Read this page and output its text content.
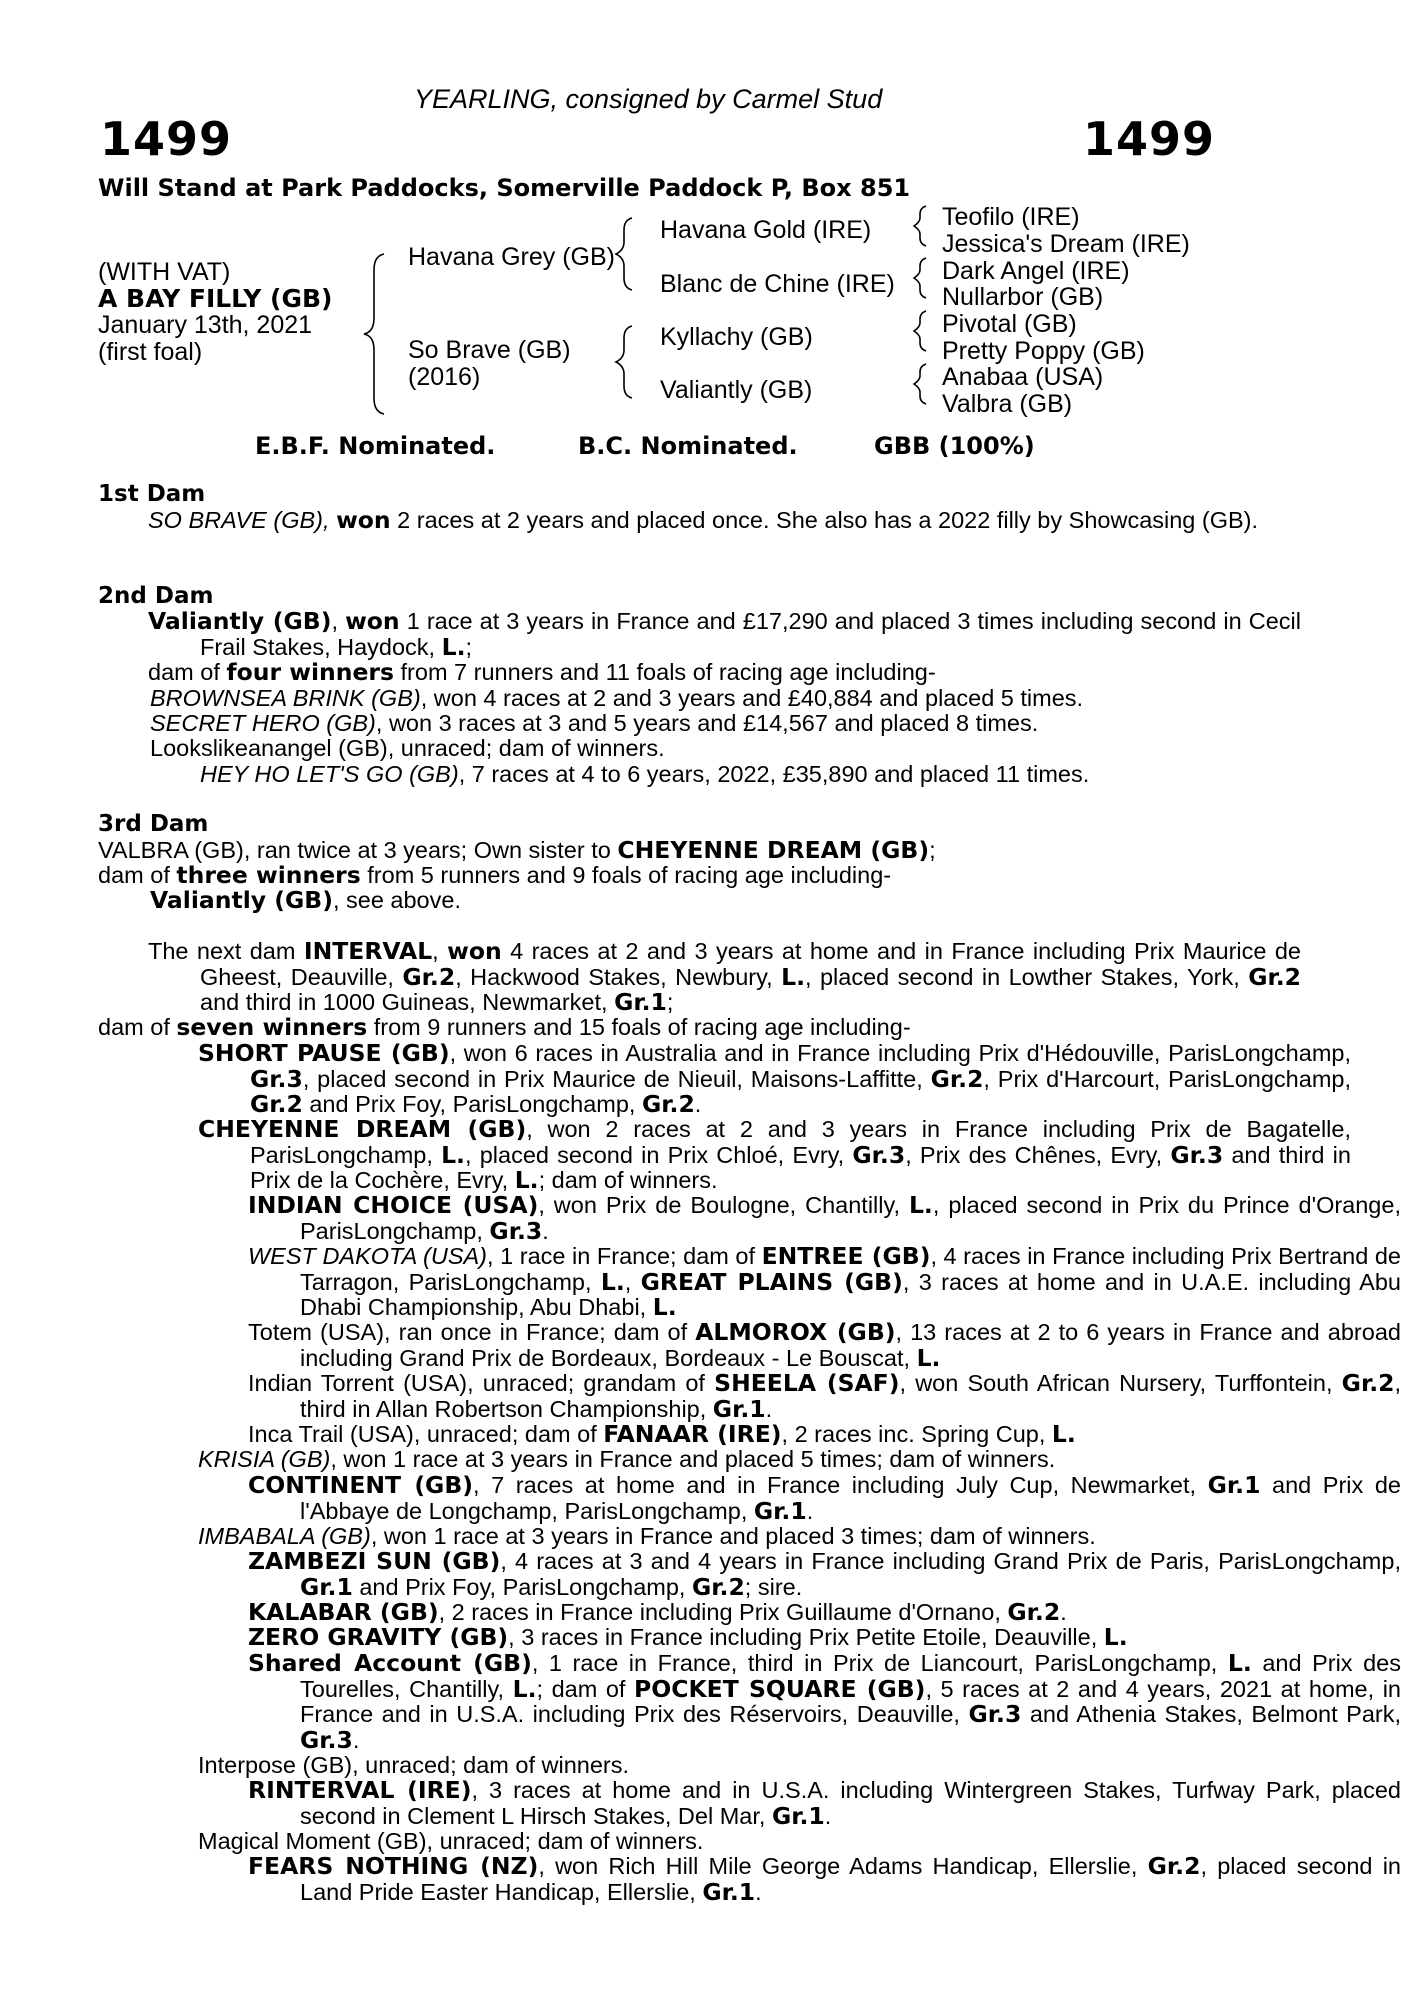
YEARLING, consigned by Carmel Stud
1499	1499
Will Stand at Park Paddocks, Somerville Paddock P, Box 851
(WITH VAT)
A BAY FILLY (GB)
January 13th, 2021
(first foal)
Havana Grey (GB)
So Brave (GB)
(2016)
Havana Gold (IRE)
Blanc de Chine (IRE)
Kyllachy (GB)
Valiantly (GB)
Teofilo (IRE)
Jessica's Dream (IRE)
Dark Angel (IRE)
Nullarbor (GB)
Pivotal (GB)
Pretty Poppy (GB)
Anabaa (USA)
Valbra (GB)
E.B.F. Nominated.	B.C. Nominated.	GBB (100%)
1st Dam
SO BRAVE (GB), won 2 races at 2 years and placed once. She also has a 2022 filly by Showcasing (GB).
2nd Dam
Valiantly (GB), won 1 race at 3 years in France and £17,290 and placed 3 times including second in Cecil Frail Stakes, Haydock, L.;
dam of four winners from 7 runners and 11 foals of racing age including-
BROWNSEA BRINK (GB), won 4 races at 2 and 3 years and £40,884 and placed 5 times.
SECRET HERO (GB), won 3 races at 3 and 5 years and £14,567 and placed 8 times.
Lookslikeanangel (GB), unraced; dam of winners.
HEY HO LET'S GO (GB), 7 races at 4 to 6 years, 2022, £35,890 and placed 11 times.
3rd Dam
VALBRA (GB), ran twice at 3 years; Own sister to CHEYENNE DREAM (GB);
dam of three winners from 5 runners and 9 foals of racing age including-
Valiantly (GB), see above.
The next dam INTERVAL, won 4 races at 2 and 3 years at home and in France including Prix Maurice de Gheest, Deauville, Gr.2, Hackwood Stakes, Newbury, L., placed second in Lowther Stakes, York, Gr.2 and third in 1000 Guineas, Newmarket, Gr.1;
dam of seven winners from 9 runners and 15 foals of racing age including-
SHORT PAUSE (GB), won 6 races in Australia and in France including Prix d'Hédouville, ParisLongchamp, Gr.3, placed second in Prix Maurice de Nieuil, Maisons-Laffitte, Gr.2, Prix d'Harcourt, ParisLongchamp, Gr.2 and Prix Foy, ParisLongchamp, Gr.2.
CHEYENNE DREAM (GB), won 2 races at 2 and 3 years in France including Prix de Bagatelle, ParisLongchamp, L., placed second in Prix Chloé, Evry, Gr.3, Prix des Chênes, Evry, Gr.3 and third in Prix de la Cochère, Evry, L.; dam of winners.
INDIAN CHOICE (USA), won Prix de Boulogne, Chantilly, L., placed second in Prix du Prince d'Orange, ParisLongchamp, Gr.3.
WEST DAKOTA (USA), 1 race in France; dam of ENTREE (GB), 4 races in France including Prix Bertrand de Tarragon, ParisLongchamp, L., GREAT PLAINS (GB), 3 races at home and in U.A.E. including Abu Dhabi Championship, Abu Dhabi, L.
Totem (USA), ran once in France; dam of ALMOROX (GB), 13 races at 2 to 6 years in France and abroad including Grand Prix de Bordeaux, Bordeaux - Le Bouscat, L.
Indian Torrent (USA), unraced; grandam of SHEELA (SAF), won South African Nursery, Turffontein, Gr.2, third in Allan Robertson Championship, Gr.1.
Inca Trail (USA), unraced; dam of FANAAR (IRE), 2 races inc. Spring Cup, L.
KRISIA (GB), won 1 race at 3 years in France and placed 5 times; dam of winners.
CONTINENT (GB), 7 races at home and in France including July Cup, Newmarket, Gr.1 and Prix de l'Abbaye de Longchamp, ParisLongchamp, Gr.1.
IMBABALA (GB), won 1 race at 3 years in France and placed 3 times; dam of winners.
ZAMBEZI SUN (GB), 4 races at 3 and 4 years in France including Grand Prix de Paris, ParisLongchamp, Gr.1 and Prix Foy, ParisLongchamp, Gr.2; sire.
KALABAR (GB), 2 races in France including Prix Guillaume d'Ornano, Gr.2.
ZERO GRAVITY (GB), 3 races in France including Prix Petite Etoile, Deauville, L.
Shared Account (GB), 1 race in France, third in Prix de Liancourt, ParisLongchamp, L. and Prix des Tourelles, Chantilly, L.; dam of POCKET SQUARE (GB), 5 races at 2 and 4 years, 2021 at home, in France and in U.S.A. including Prix des Réservoirs, Deauville, Gr.3 and Athenia Stakes, Belmont Park, Gr.3.
Interpose (GB), unraced; dam of winners.
RINTERVAL (IRE), 3 races at home and in U.S.A. including Wintergreen Stakes, Turfway Park, placed second in Clement L Hirsch Stakes, Del Mar, Gr.1.
Magical Moment (GB), unraced; dam of winners.
FEARS NOTHING (NZ), won Rich Hill Mile George Adams Handicap, Ellerslie, Gr.2, placed second in Land Pride Easter Handicap, Ellerslie, Gr.1.
